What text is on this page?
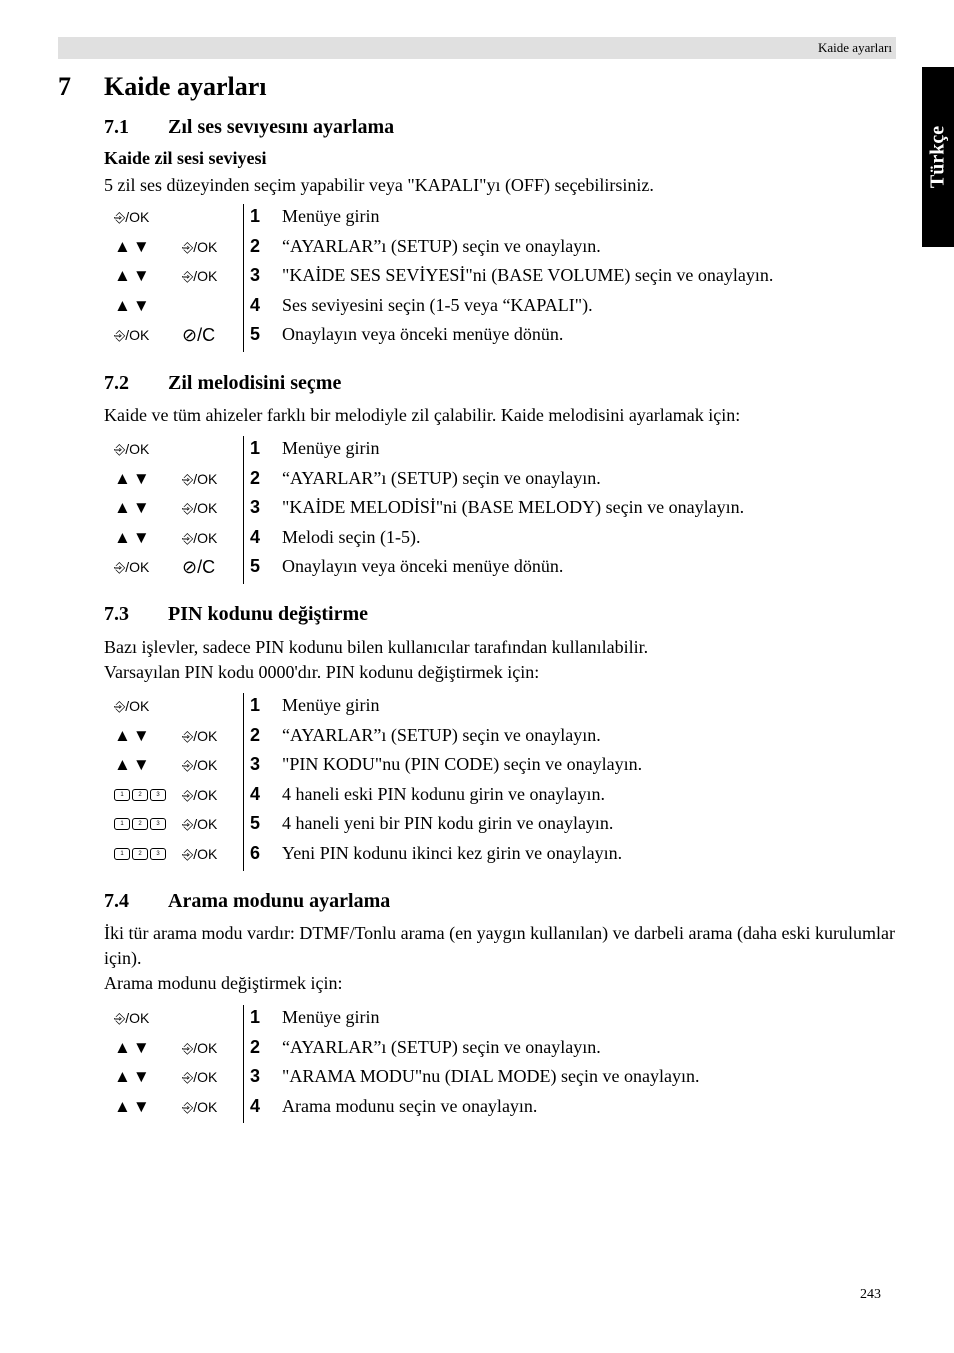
Kaide ayarları
Türkçe
7 Kaide ayarları
7.1 Zıl ses sevıyesını ayarlama
Kaide zil sesi seviyesi

5 zil ses düzeyinden seçim yapabilir veya "KAPALI"yı (OFF) seçebilirsiniz.

⎆/OK	1 Menüye girin
▲▼ ⎆/OK 2 “AYARLAR”ı (SETUP) seçin ve onaylayın.
▲▼ ⎆/OK 3 "KAİDE SES SEVİYESİ"ni (BASE VOLUME) seçin ve onaylayın.
▲▼	4 Ses seviyesini seçin (1-5 veya “KAPALI").
⎆/OK ⊘/C 5 Onaylayın veya önceki menüye dönün.
7.2 Zil melodisini seçme

Kaide ve tüm ahizeler farklı bir melodiyle zil çalabilir. Kaide melodisini ayarlamak için:

⎆/OK	1 Menüye girin
▲▼ ⎆/OK 2 “AYARLAR”ı (SETUP) seçin ve onaylayın.
▲▼ ⎆/OK 3 "KAİDE MELODİSİ"ni (BASE MELODY) seçin ve onaylayın.
▲▼ ⎆/OK 4 Melodi seçin (1-5).
⎆/OK ⊘/C 5 Onaylayın veya önceki menüye dönün.
7.3 PIN kodunu değiştirme

Bazı işlevler, sadece PIN kodunu bilen kullanıcılar tarafından kullanılabilir.

Varsayılan PIN kodu 0000'dır. PIN kodunu değiştirmek için:

⎆/OK	1 Menüye girin
▲▼ ⎆/OK 2 “AYARLAR”ı (SETUP) seçin ve onaylayın.
▲▼ ⎆/OK 3 "PIN KODU"nu (PIN CODE) seçin ve onaylayın.
1	2	3	⎆/OK 4 4 haneli eski PIN kodunu girin ve onaylayın.
1	2	3	⎆/OK 5 4 haneli yeni bir PIN kodu girin ve onaylayın.
1	2	3	⎆/OK 6 Yeni PIN kodunu ikinci kez girin ve onaylayın.
7.4 Arama modunu ayarlama

İki tür arama modu vardır: DTMF/Tonlu arama (en yaygın kullanılan) ve darbeli arama (daha eski kurulumlar için).

Arama modunu değiştirmek için:

⎆/OK	1 Menüye girin
▲▼ ⎆/OK 2 “AYARLAR”ı (SETUP) seçin ve onaylayın.
▲▼ ⎆/OK 3 "ARAMA MODU"nu (DIAL MODE) seçin ve onaylayın.
▲▼ ⎆/OK 4 Arama modunu seçin ve onaylayın.
243
